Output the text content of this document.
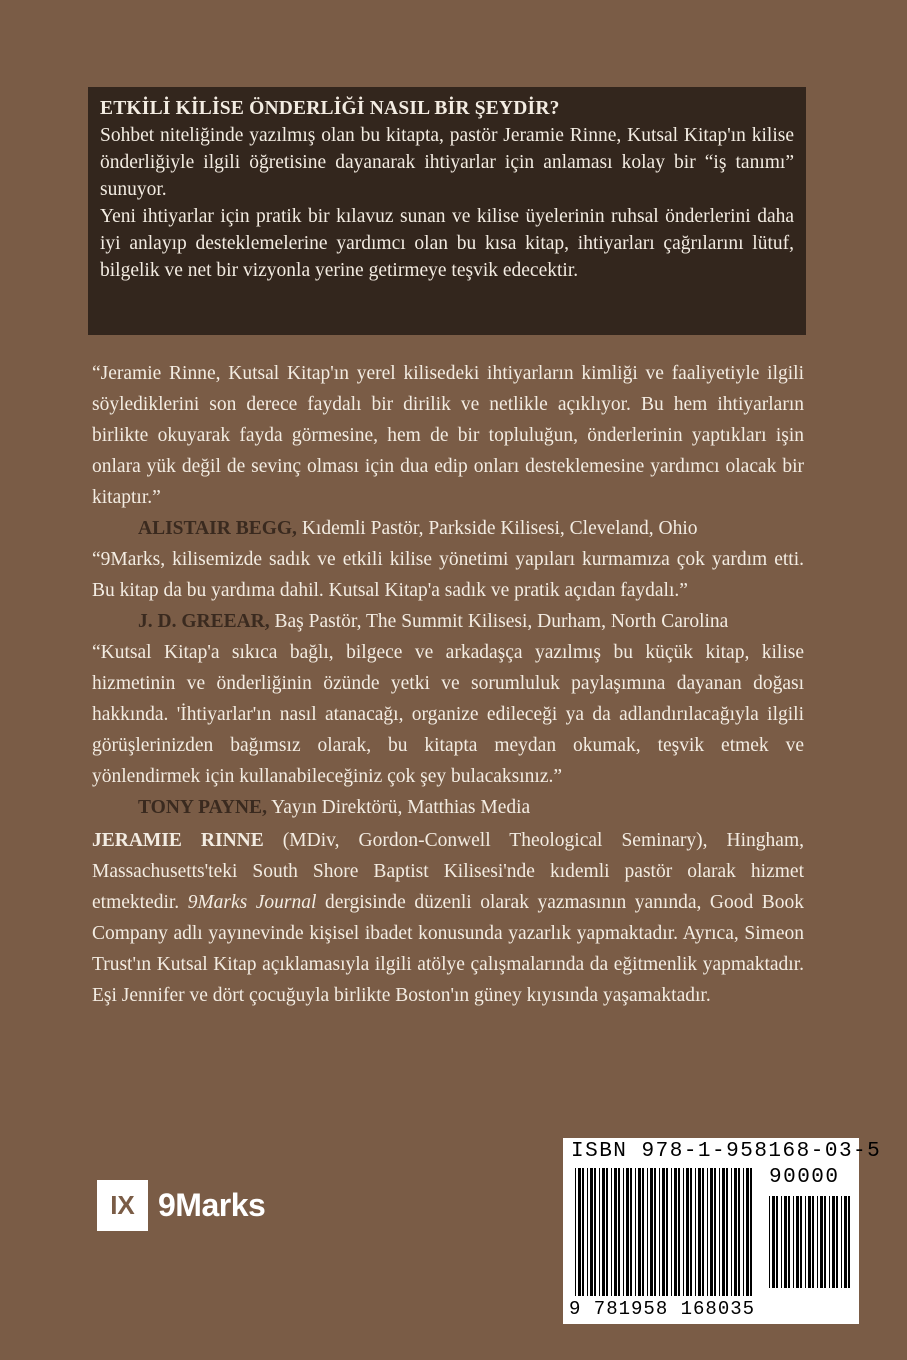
ETKİLİ KİLİSE ÖNDERLİĞİ NASIL BİR ŞEYDİR?

Sohbet niteliğinde yazılmış olan bu kitapta, pastör Jeramie Rinne, Kutsal Kitap'ın kilise önderliğiyle ilgili öğretisine dayanarak ihtiyarlar için anlaması kolay bir “iş tanımı” sunuyor.

Yeni ihtiyarlar için pratik bir kılavuz sunan ve kilise üyelerinin ruhsal önderlerini daha iyi anlayıp desteklemelerine yardımcı olan bu kısa kitap, ihtiyarları çağrılarını lütuf, bilgelik ve net bir vizyonla yerine getirmeye teşvik edecektir.

“Jeramie Rinne, Kutsal Kitap'ın yerel kilisedeki ihtiyarların kimliği ve faaliyetiyle ilgili söylediklerini son derece faydalı bir dirilik ve netlikle açıklıyor. Bu hem ihtiyarların birlikte okuyarak fayda görmesine, hem de bir topluluğun, önderlerinin yaptıkları işin onlara yük değil de sevinç olması için dua edip onları desteklemesine yardımcı olacak bir kitaptır.”

ALISTAIR BEGG, Kıdemli Pastör, Parkside Kilisesi, Cleveland, Ohio

“9Marks, kilisemizde sadık ve etkili kilise yönetimi yapıları kurmamıza çok yardım etti. Bu kitap da bu yardıma dahil. Kutsal Kitap'a sadık ve pratik açıdan faydalı.”

J. D. GREEAR, Baş Pastör, The Summit Kilisesi, Durham, North Carolina

“Kutsal Kitap'a sıkıca bağlı, bilgece ve arkadaşça yazılmış bu küçük kitap, kilise hizmetinin ve önderliğinin özünde yetki ve sorumluluk paylaşımına dayanan doğası hakkında. 'İhtiyarlar'ın nasıl atanacağı, organize edileceği ya da adlandırılacağıyla ilgili görüşlerinizden bağımsız olarak, bu kitapta meydan okumak, teşvik etmek ve yönlendirmek için kullanabileceğiniz çok şey bulacaksınız.”

TONY PAYNE, Yayın Direktörü, Matthias Media

JERAMIE RINNE (MDiv, Gordon-Conwell Theological Seminary), Hingham, Massachusetts'teki South Shore Baptist Kilisesi'nde kıdemli pastör olarak hizmet etmektedir. 9Marks Journal dergisinde düzenli olarak yazmasının yanında, Good Book Company adlı yayınevinde kişisel ibadet konusunda yazarlık yapmaktadır. Ayrıca, Simeon Trust'ın Kutsal Kitap açıklamasıyla ilgili atölye çalışmalarında da eğitmenlik yapmaktadır. Eşi Jennifer ve dört çocuğuyla birlikte Boston'ın güney kıyısında yaşamaktadır.

IX 9Marks
ISBN 978-1-958168-03-5
90000
9 781958 168035
